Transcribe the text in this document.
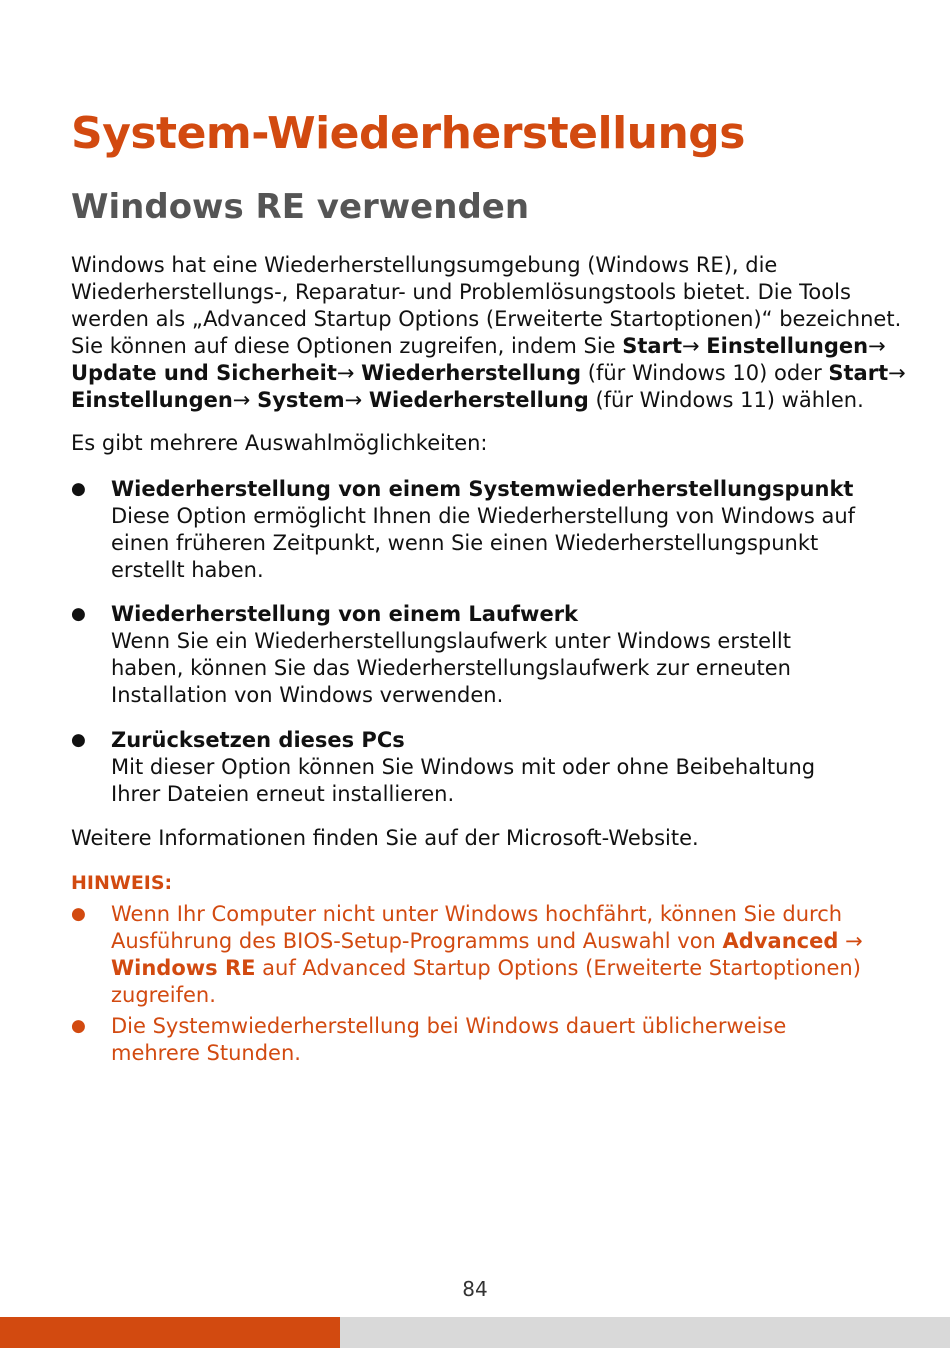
System-Wiederherstellungs
Windows RE verwenden
Windows hat eine Wiederherstellungsumgebung (Windows RE), die
Wiederherstellungs-, Reparatur- und Problemlösungstools bietet. Die Tools
werden als „Advanced Startup Options (Erweiterte Startoptionen)“ bezeichnet.
Sie können auf diese Optionen zugreifen, indem Sie Start→ Einstellungen→
Update und Sicherheit→ Wiederherstellung (für Windows 10) oder Start→
Einstellungen→ System→ Wiederherstellung (für Windows 11) wählen.

Es gibt mehrere Auswahlmöglichkeiten:

● Wiederherstellung von einem Systemwiederherstellungspunkt
Diese Option ermöglicht Ihnen die Wiederherstellung von Windows auf
einen früheren Zeitpunkt, wenn Sie einen Wiederherstellungspunkt
erstellt haben.
● Wiederherstellung von einem Laufwerk
Wenn Sie ein Wiederherstellungslaufwerk unter Windows erstellt
haben, können Sie das Wiederherstellungslaufwerk zur erneuten
Installation von Windows verwenden.
● Zurücksetzen dieses PCs
Mit dieser Option können Sie Windows mit oder ohne Beibehaltung
Ihrer Dateien erneut installieren.

Weitere Informationen finden Sie auf der Microsoft-Website.

HINWEIS:
● Wenn Ihr Computer nicht unter Windows hochfährt, können Sie durch
Ausführung des BIOS-Setup-Programms und Auswahl von Advanced →
Windows RE auf Advanced Startup Options (Erweiterte Startoptionen)
zugreifen.
● Die Systemwiederherstellung bei Windows dauert üblicherweise
mehrere Stunden.
84
